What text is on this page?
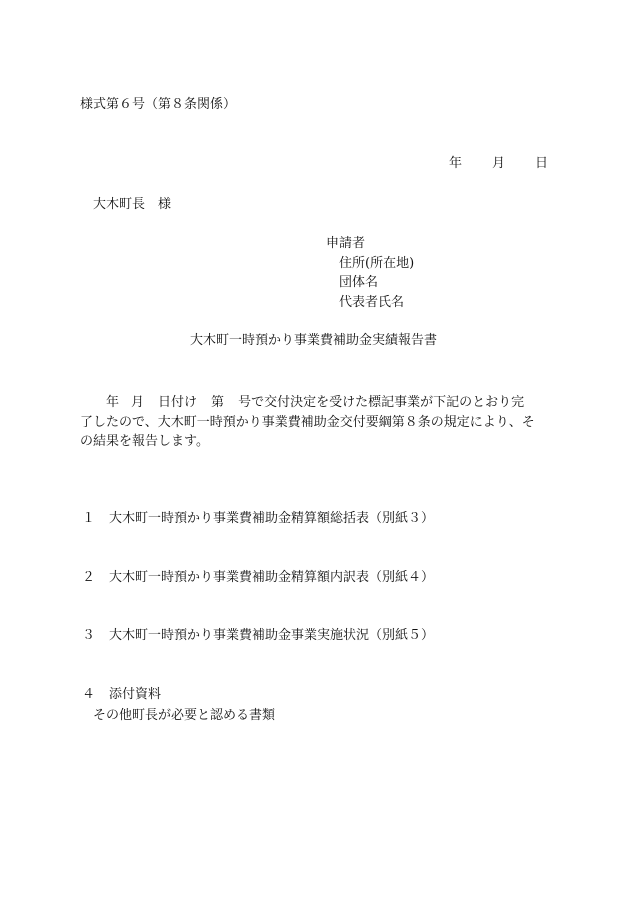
様式第６号（第８条関係）
年 月 日
大木町長　様
申請者
住所(所在地)
団体名
代表者氏名
大木町一時預かり事業費補助金実績報告書
年 月 日付け 第 号で交付決定を受けた標記事業が下記のとおり完
了したので、大木町一時預かり事業費補助金交付要綱第８条の規定により、そ
の結果を報告します。
１ 大木町一時預かり事業費補助金精算額総括表（別紙３）
２ 大木町一時預かり事業費補助金精算額内訳表（別紙４）
３ 大木町一時預かり事業費補助金事業実施状況（別紙５）
４ 添付資料
その他町長が必要と認める書類
